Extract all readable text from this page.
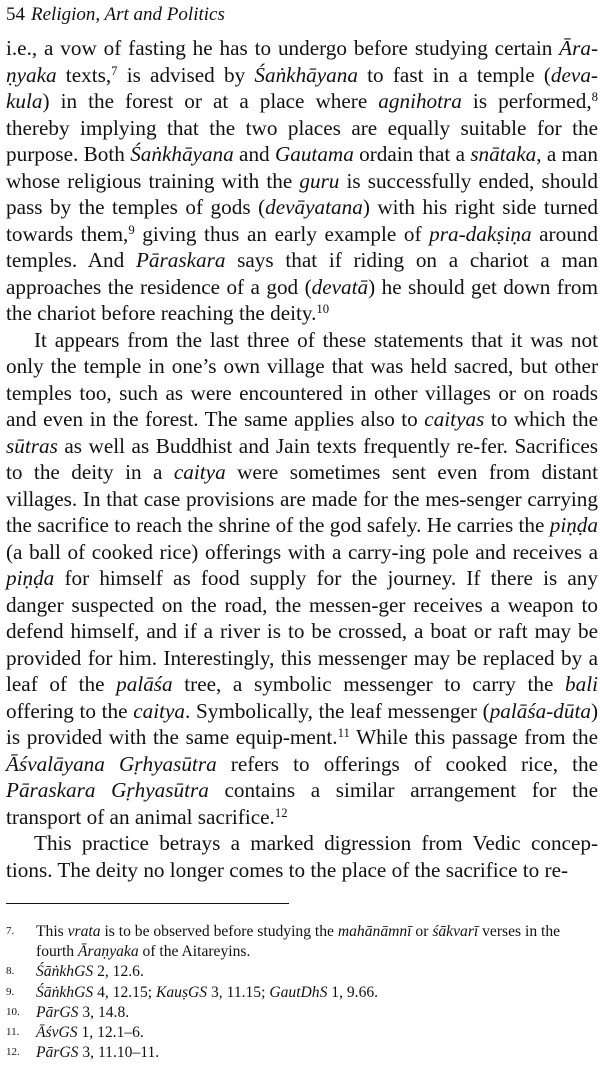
54 Religion, Art and Politics

i.e., a vow of fasting he has to undergo before studying certain Āra-ṇyaka texts,$^7$ is advised by Śaṅkhāyana to fast in a temple (deva-kula) in the forest or at a place where agnihotra is performed,$^8$ thereby implying that the two places are equally suitable for the purpose. Both Śaṅkhāyana and Gautama ordain that a snātaka, a man whose religious training with the guru is successfully ended, should pass by the temples of gods (devāyatana) with his right side turned towards them,$^9$ giving thus an early example of pra-dakṣiṇa around temples. And Pāraskara says that if riding on a chariot a man approaches the residence of a god (devatā) he should get down from the chariot before reaching the deity.$^{10}$

It appears from the last three of these statements that it was not only the temple in one’s own village that was held sacred, but other temples too, such as were encountered in other villages or on roads and even in the forest. The same applies also to caityas to which the sūtras as well as Buddhist and Jain texts frequently re-fer. Sacrifices to the deity in a caitya were sometimes sent even from distant villages. In that case provisions are made for the mes-senger carrying the sacrifice to reach the shrine of the god safely. He carries the piṇḍa (a ball of cooked rice) offerings with a carry-ing pole and receives a piṇḍa for himself as food supply for the journey. If there is any danger suspected on the road, the messen-ger receives a weapon to defend himself, and if a river is to be crossed, a boat or raft may be provided for him. Interestingly, this messenger may be replaced by a leaf of the palāśa tree, a symbolic messenger to carry the bali offering to the caitya. Symbolically, the leaf messenger (palāśa-dūta) is provided with the same equip-ment.$^{11}$ While this passage from the Āśvalāyana Gṛhyasūtra refers to offerings of cooked rice, the Pāraskara Gṛhyasūtra contains a similar arrangement for the transport of an animal sacrifice.$^{12}$

This practice betrays a marked digression from Vedic concep-tions. The deity no longer comes to the place of the sacrifice to re-

7. This vrata is to be observed before studying the mahānāmnī or śākvarī verses in the fourth Āraṇyaka of the Aitareyins.
8. ŚāṅkhGS 2, 12.6.
9. ŚāṅkhGS 4, 12.15; KauṣGS 3, 11.15; GautDhS 1, 9.66.
10. PārGS 3, 14.8.
11. ĀśvGS 1, 12.1–6.
12. PārGS 3, 11.10–11.
